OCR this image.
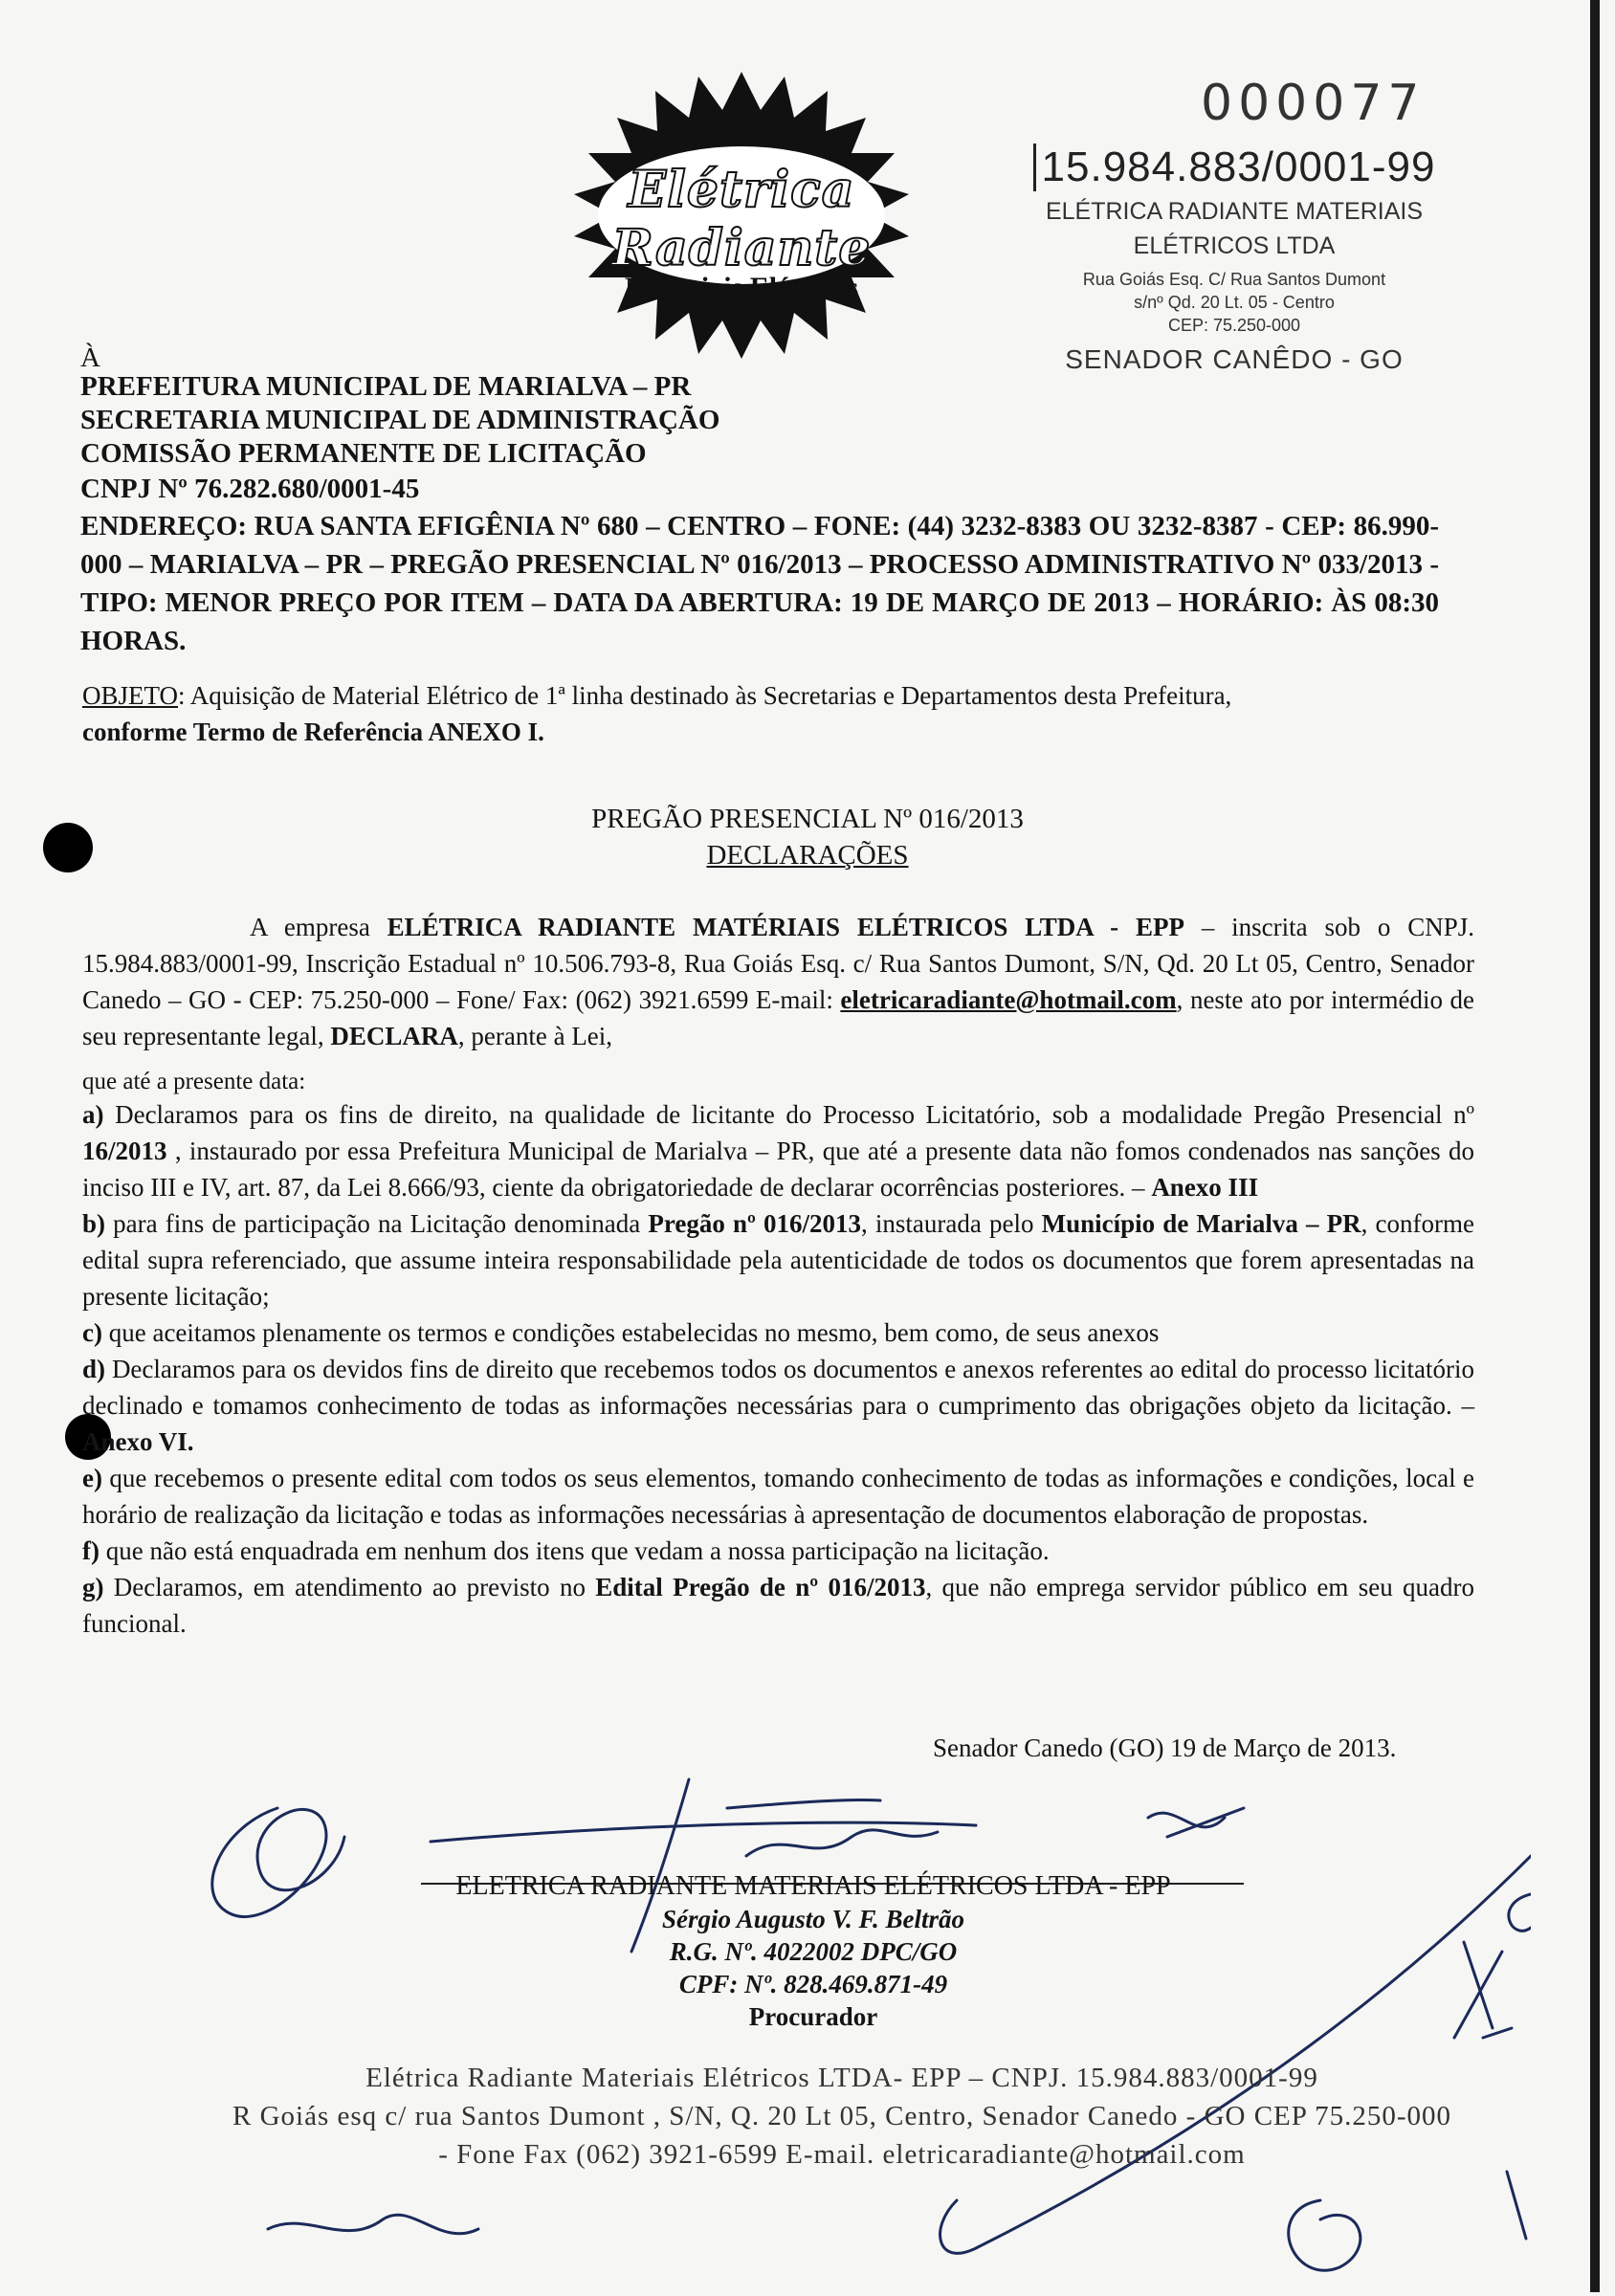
Elétrica Radiante
Materiais Elétricos
000077
15.984.883/0001-99
ELÉTRICA RADIANTE MATERIAIS
ELÉTRICOS LTDA
Rua Goiás Esq. C/ Rua Santos Dumont
s/nº Qd. 20 Lt. 05 - Centro
CEP: 75.250-000
SENADOR CANÊDO - GO
À
PREFEITURA MUNICIPAL DE MARIALVA – PR
SECRETARIA MUNICIPAL DE ADMINISTRAÇÃO
COMISSÃO PERMANENTE DE LICITAÇÃO
CNPJ Nº 76.282.680/0001-45
ENDEREÇO: RUA SANTA EFIGÊNIA Nº 680 – CENTRO – FONE: (44) 3232-8383 OU 3232-8387 - CEP: 86.990-000 – MARIALVA – PR – PREGÃO PRESENCIAL Nº 016/2013 – PROCESSO ADMINISTRATIVO Nº 033/2013 - TIPO: MENOR PREÇO POR ITEM – DATA DA ABERTURA: 19 DE MARÇO DE 2013 – HORÁRIO: ÀS 08:30 HORAS.
OBJETO: Aquisição de Material Elétrico de 1ª linha destinado às Secretarias e Departamentos desta Prefeitura,
conforme Termo de Referência ANEXO I.
PREGÃO PRESENCIAL Nº 016/2013
DECLARAÇÕES
A empresa ELÉTRICA RADIANTE MATÉRIAIS ELÉTRICOS LTDA - EPP – inscrita sob o CNPJ. 15.984.883/0001-99, Inscrição Estadual nº 10.506.793-8, Rua Goiás Esq. c/ Rua Santos Dumont, S/N, Qd. 20 Lt 05, Centro, Senador Canedo – GO - CEP: 75.250-000 – Fone/ Fax: (062) 3921.6599 E-mail: eletricaradiante@hotmail.com, neste ato por intermédio de seu representante legal, DECLARA, perante à Lei,
que até a presente data:
a) Declaramos para os fins de direito, na qualidade de licitante do Processo Licitatório, sob a modalidade Pregão Presencial nº 16/2013 , instaurado por essa Prefeitura Municipal de Marialva – PR, que até a presente data não fomos condenados nas sanções do inciso III e IV, art. 87, da Lei 8.666/93, ciente da obrigatoriedade de declarar ocorrências posteriores. – Anexo III
b) para fins de participação na Licitação denominada Pregão nº 016/2013, instaurada pelo Município de Marialva – PR, conforme edital supra referenciado, que assume inteira responsabilidade pela autenticidade de todos os documentos que forem apresentadas na presente licitação;
c) que aceitamos plenamente os termos e condições estabelecidas no mesmo, bem como, de seus anexos
d) Declaramos para os devidos fins de direito que recebemos todos os documentos e anexos referentes ao edital do processo licitatório declinado e tomamos conhecimento de todas as informações necessárias para o cumprimento das obrigações objeto da licitação. – Anexo VI.
e) que recebemos o presente edital com todos os seus elementos, tomando conhecimento de todas as informações e condições, local e horário de realização da licitação e todas as informações necessárias à apresentação de documentos elaboração de propostas.
f) que não está enquadrada em nenhum dos itens que vedam a nossa participação na licitação.
g) Declaramos, em atendimento ao previsto no Edital Pregão de nº 016/2013, que não emprega servidor público em seu quadro funcional.
Senador Canedo (GO) 19 de Março de 2013.
ELETRICA RADIANTE MATERIAIS ELÉTRICOS LTDA - EPP
Sérgio Augusto V. F. Beltrão
R.G. Nº. 4022002 DPC/GO
CPF: Nº. 828.469.871-49
Procurador
Elétrica Radiante Materiais Elétricos LTDA- EPP – CNPJ. 15.984.883/0001-99
R Goiás esq c/ rua Santos Dumont , S/N, Q. 20 Lt 05, Centro, Senador Canedo - GO CEP 75.250-000
- Fone Fax (062) 3921-6599 E-mail. eletricaradiante@hotmail.com
